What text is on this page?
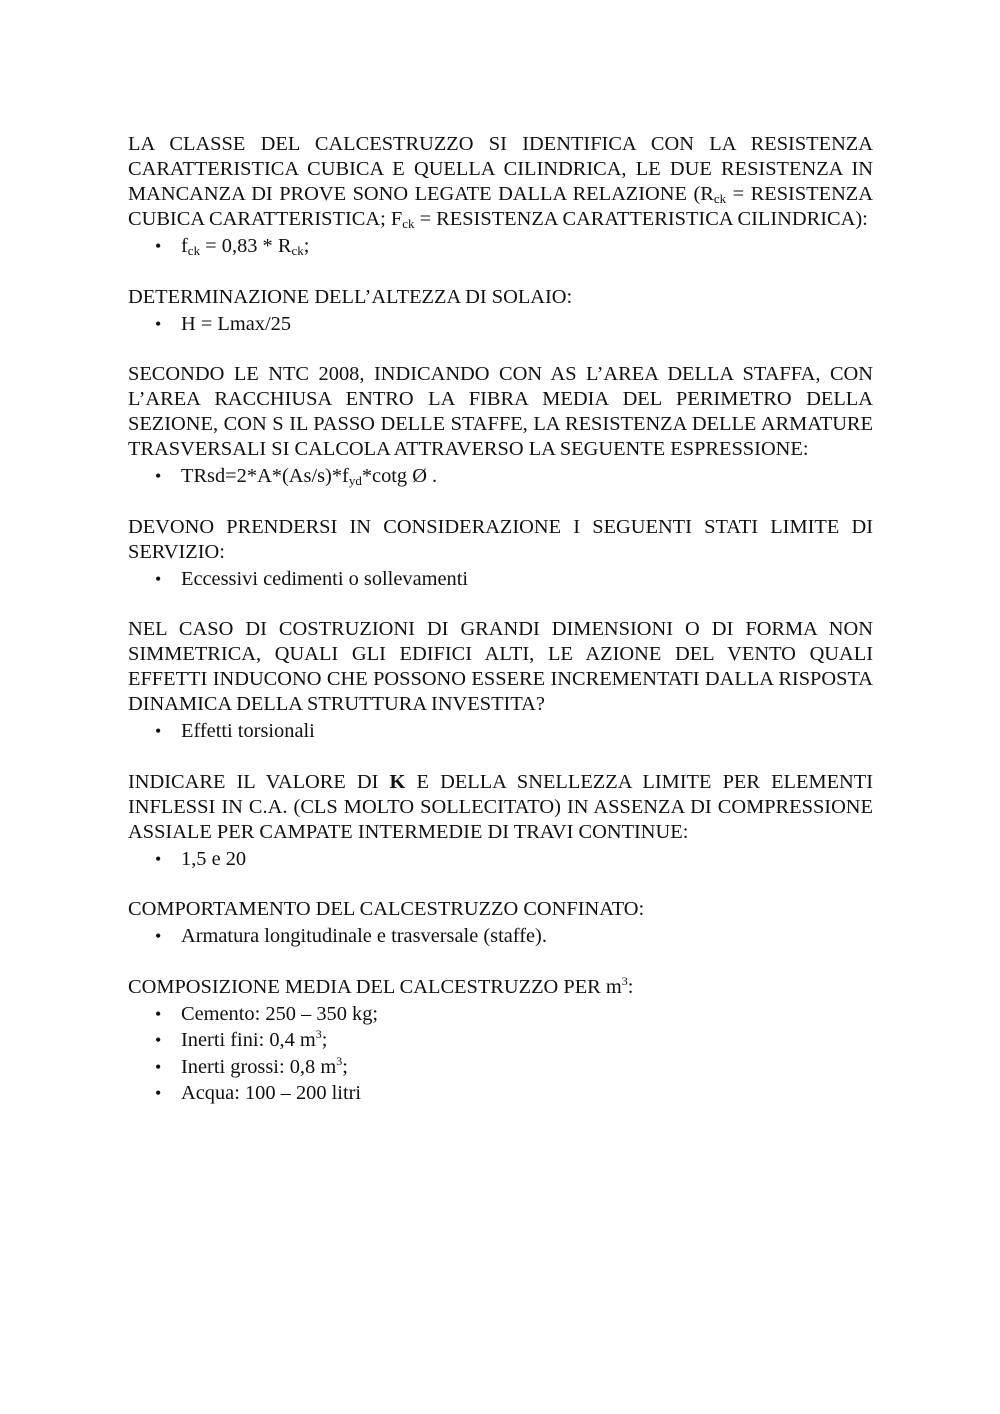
LA CLASSE DEL CALCESTRUZZO SI IDENTIFICA CON LA RESISTENZA CARATTERISTICA CUBICA E QUELLA CILINDRICA, LE DUE RESISTENZA IN MANCANZA DI PROVE SONO LEGATE DALLA RELAZIONE ($R_{ck}$ = RESISTENZA CUBICA CARATTERISTICA; $F_{ck}$ = RESISTENZA CARATTERISTICA CILINDRICA):

• $f_{ck} = 0,83 * R_{ck}$;

DETERMINAZIONE DELL’ALTEZZA DI SOLAIO:

• H = Lmax/25

SECONDO LE NTC 2008, INDICANDO CON AS L’AREA DELLA STAFFA, CON L’AREA RACCHIUSA ENTRO LA FIBRA MEDIA DEL PERIMETRO DELLA SEZIONE, CON S IL PASSO DELLE STAFFE, LA RESISTENZA DELLE ARMATURE TRASVERSALI SI CALCOLA ATTRAVERSO LA SEGUENTE ESPRESSIONE:

• $TRsd=2*A*(As/s)*f_{yd}*\cot g$ Ø .

DEVONO PRENDERSI IN CONSIDERAZIONE I SEGUENTI STATI LIMITE DI SERVIZIO:

• Eccessivi cedimenti o sollevamenti

NEL CASO DI COSTRUZIONI DI GRANDI DIMENSIONI O DI FORMA NON SIMMETRICA, QUALI GLI EDIFICI ALTI, LE AZIONE DEL VENTO QUALI EFFETTI INDUCONO CHE POSSONO ESSERE INCREMENTATI DALLA RISPOSTA DINAMICA DELLA STRUTTURA INVESTITA?

• Effetti torsionali

INDICARE IL VALORE DI K E DELLA SNELLEZZA LIMITE PER ELEMENTI INFLESSI IN C.A. (CLS MOLTO SOLLECITATO) IN ASSENZA DI COMPRESSIONE ASSIALE PER CAMPATE INTERMEDIE DI TRAVI CONTINUE:

• 1,5 e 20

COMPORTAMENTO DEL CALCESTRUZZO CONFINATO:

• Armatura longitudinale e trasversale (staffe).

COMPOSIZIONE MEDIA DEL CALCESTRUZZO PER $m^3$:

• Cemento: 250 – 350 kg;
• Inerti fini: 0,4 $m^3$;
• Inerti grossi: 0,8 $m^3$;
• Acqua: 100 – 200 litri
